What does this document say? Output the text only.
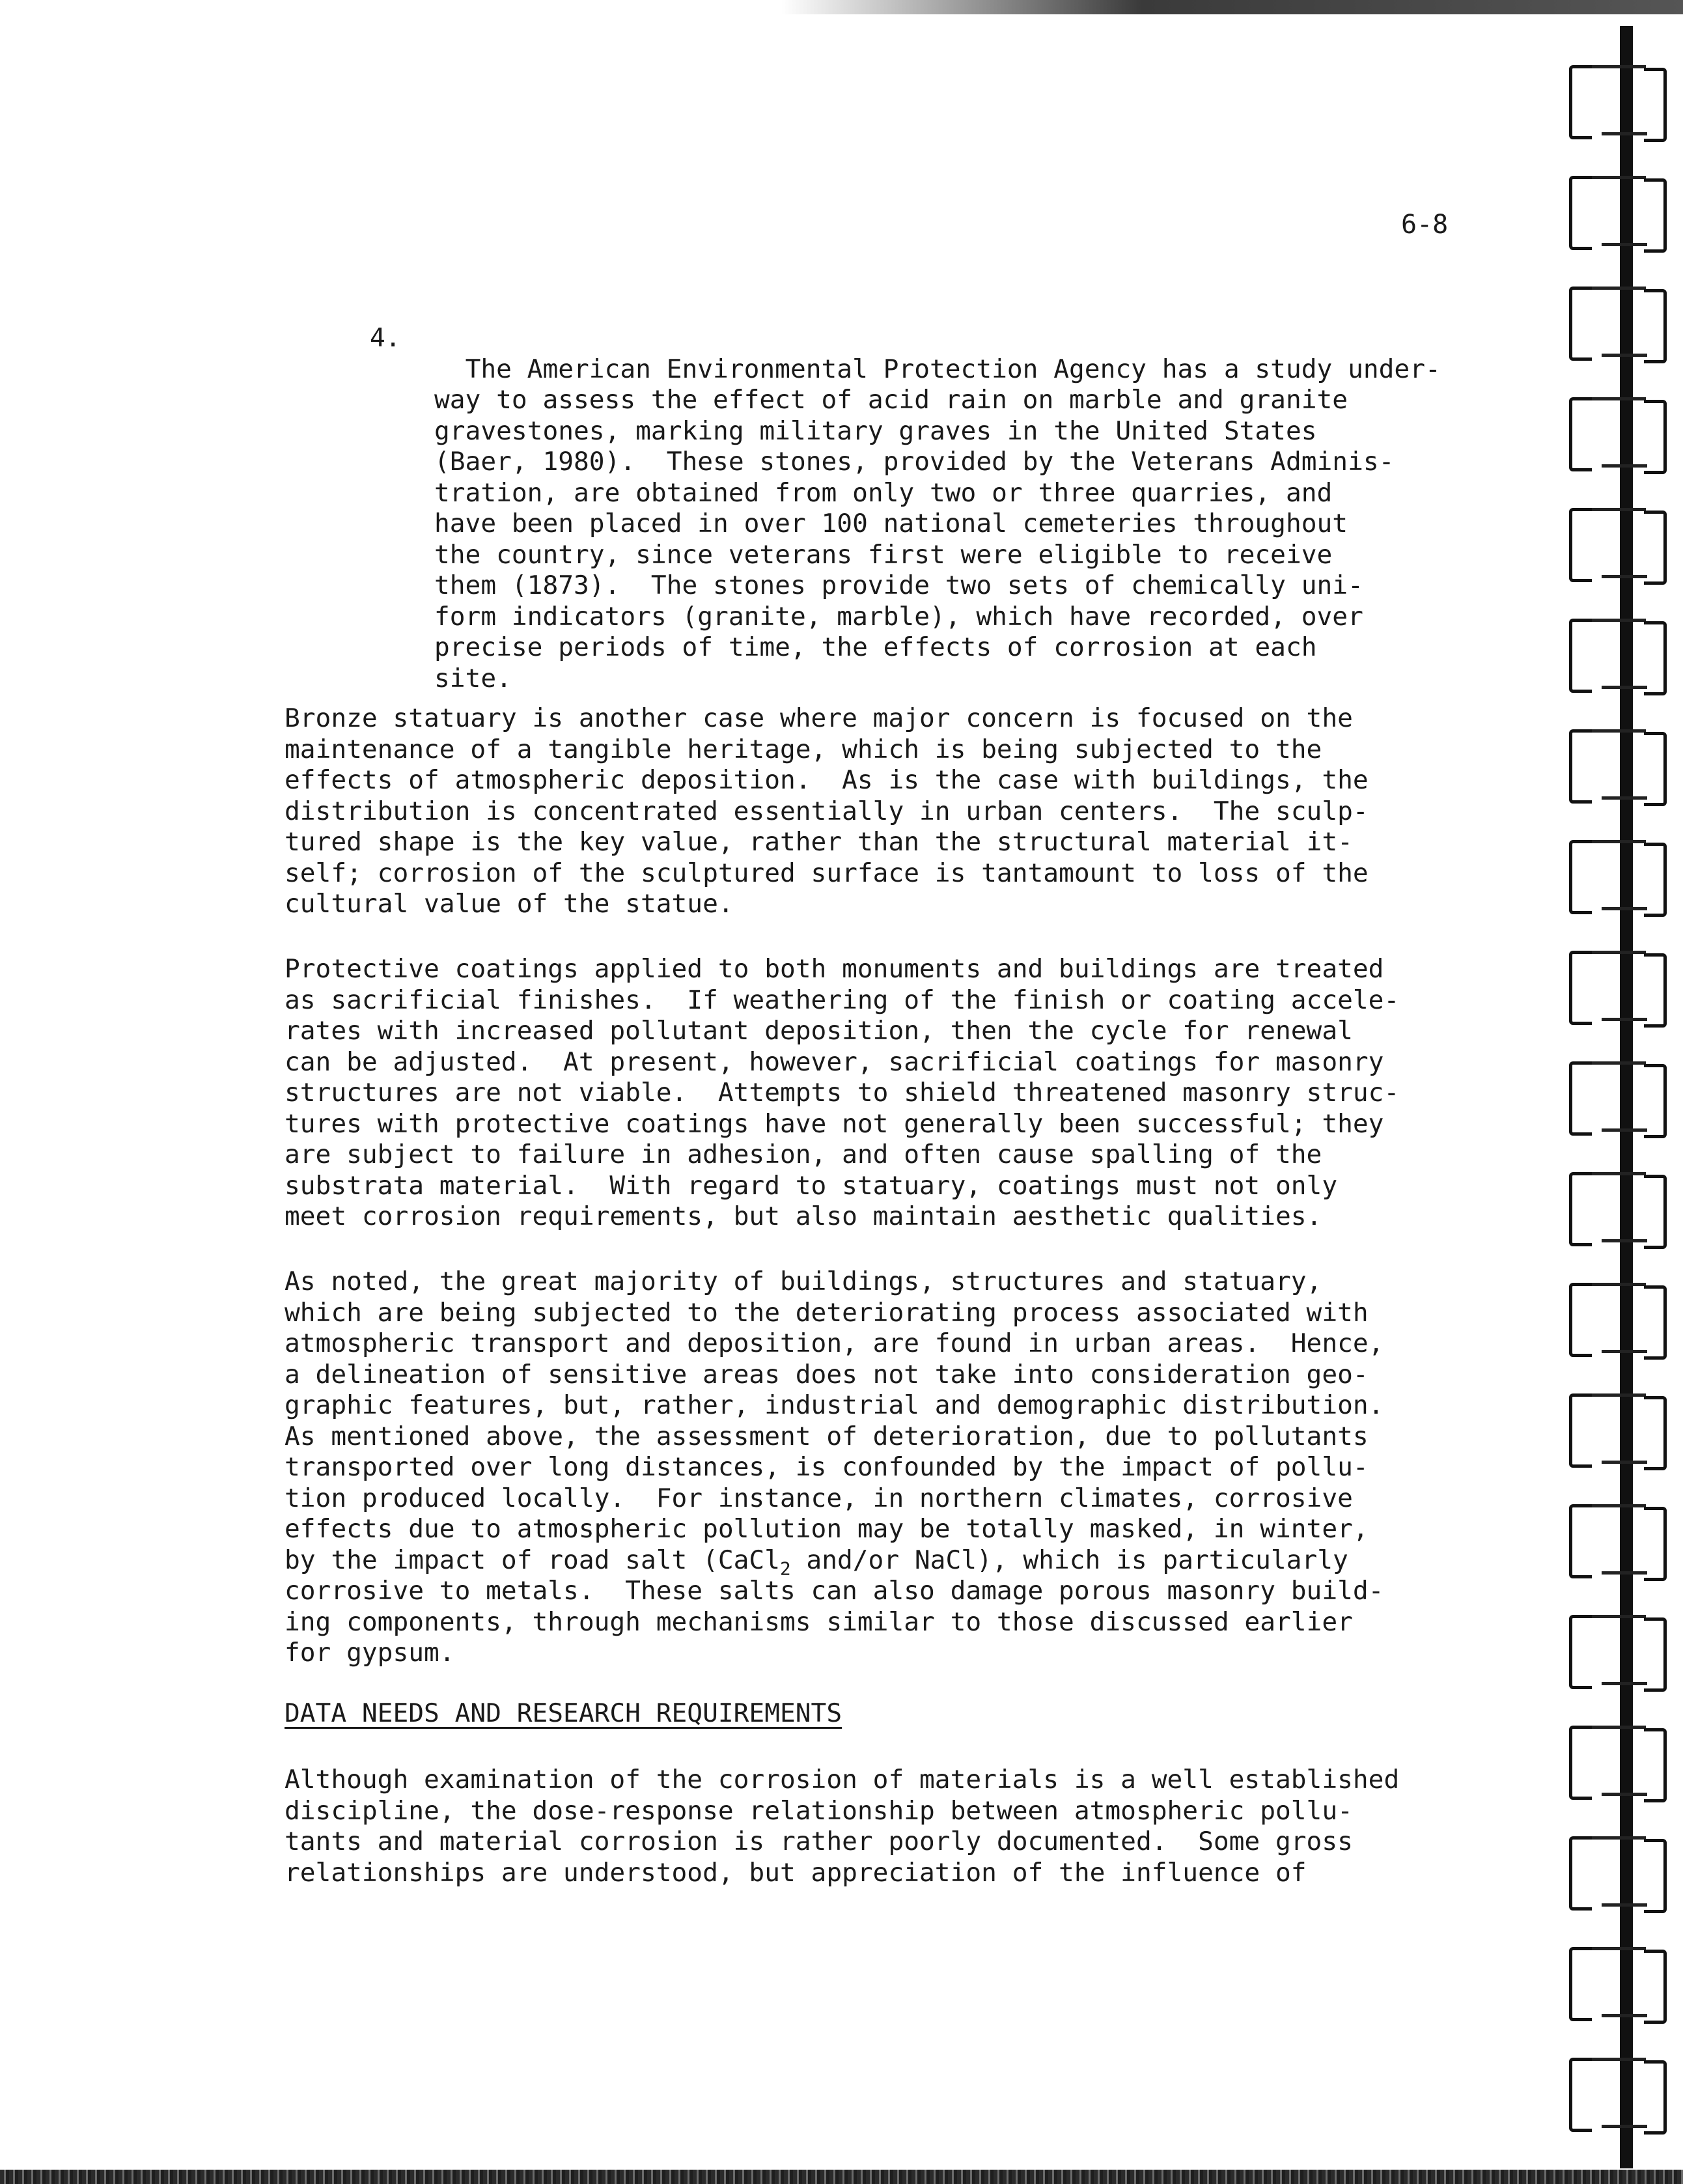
6-8
4.

The American Environmental Protection Agency has a study under-
way to assess the effect of acid rain on marble and granite
gravestones, marking military graves in the United States
(Baer, 1980).  These stones, provided by the Veterans Adminis-
tration, are obtained from only two or three quarries, and
have been placed in over 100 national cemeteries throughout
the country, since veterans first were eligible to receive
them (1873).  The stones provide two sets of chemically uni-
form indicators (granite, marble), which have recorded, over
precise periods of time, the effects of corrosion at each
site.

Bronze statuary is another case where major concern is focused on the
maintenance of a tangible heritage, which is being subjected to the
effects of atmospheric deposition.  As is the case with buildings, the
distribution is concentrated essentially in urban centers.  The sculp-
tured shape is the key value, rather than the structural material it-
self; corrosion of the sculptured surface is tantamount to loss of the
cultural value of the statue.
Protective coatings applied to both monuments and buildings are treated
as sacrificial finishes.  If weathering of the finish or coating accele-
rates with increased pollutant deposition, then the cycle for renewal
can be adjusted.  At present, however, sacrificial coatings for masonry
structures are not viable.  Attempts to shield threatened masonry struc-
tures with protective coatings have not generally been successful; they
are subject to failure in adhesion, and often cause spalling of the
substrata material.  With regard to statuary, coatings must not only
meet corrosion requirements, but also maintain aesthetic qualities.
As noted, the great majority of buildings, structures and statuary,
which are being subjected to the deteriorating process associated with
atmospheric transport and deposition, are found in urban areas.  Hence,
a delineation of sensitive areas does not take into consideration geo-
graphic features, but, rather, industrial and demographic distribution.
As mentioned above, the assessment of deterioration, due to pollutants
transported over long distances, is confounded by the impact of pollu-
tion produced locally.  For instance, in northern climates, corrosive
effects due to atmospheric pollution may be totally masked, in winter,
by the impact of road salt (CaCl$_2$ and/or NaCl), which is particularly
corrosive to metals.  These salts can also damage porous masonry build-
ing components, through mechanisms similar to those discussed earlier
for gypsum.
DATA NEEDS AND RESEARCH REQUIREMENTS
Although examination of the corrosion of materials is a well established
discipline, the dose-response relationship between atmospheric pollu-
tants and material corrosion is rather poorly documented.  Some gross
relationships are understood, but appreciation of the influence of
